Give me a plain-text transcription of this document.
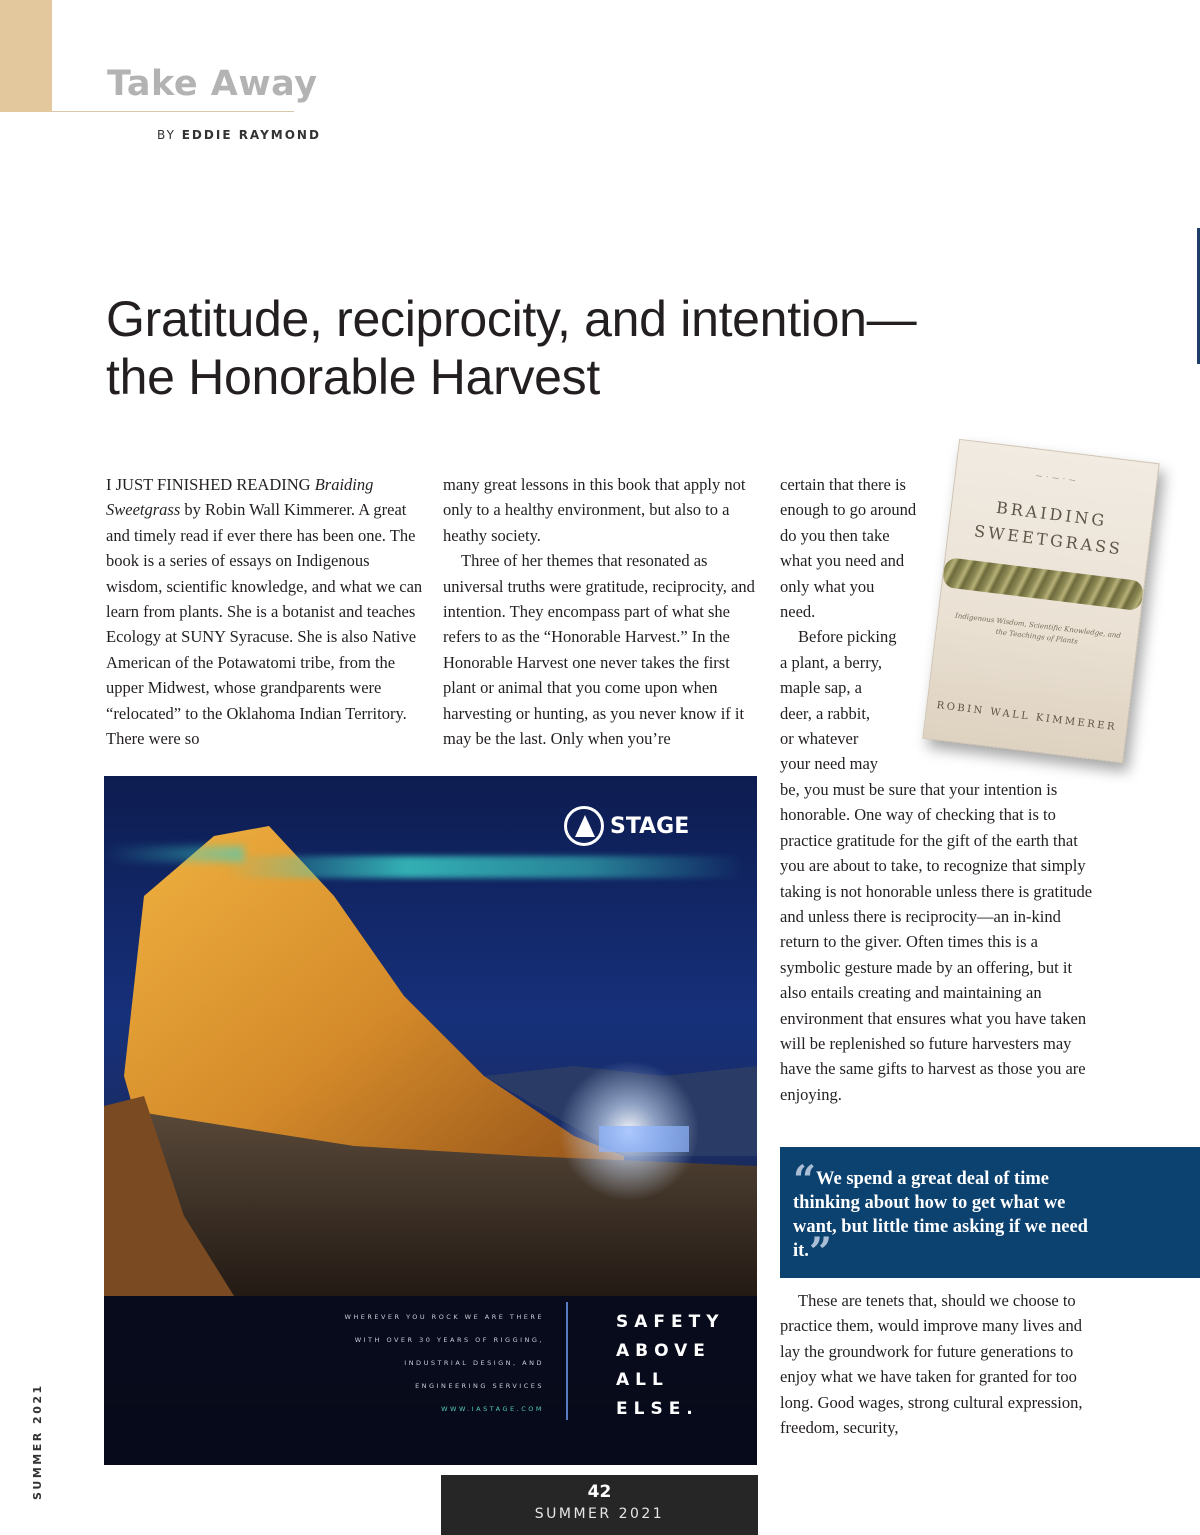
Take Away
BY EDDIE RAYMOND
Gratitude, reciprocity, and intention—
the Honorable Harvest

I JUST FINISHED READING Braiding Sweetgrass by Robin Wall Kimmerer. A great and timely read if ever there has been one. The book is a series of essays on Indigenous wisdom, scientific knowledge, and what we can learn from plants. She is a botanist and teaches Ecology at SUNY Syracuse. She is also Native American of the Potawatomi tribe, from the upper Midwest, whose grandparents were “relocated” to the Oklahoma Indian Territory. There were so

many great lessons in this book that apply not only to a healthy environment, but also to a heathy society.

Three of her themes that resonated as universal truths were gratitude, reciprocity, and intention. They encompass part of what she refers to as the “Honorable Harvest.” In the Honorable Harvest one never takes the first plant or animal that you come upon when harvesting or hunting, as you never know if it may be the last. Only when you’re

certain that there is
enough to go around
do you then take
what you need and
only what you
need.
Before picking
a plant, a berry,
maple sap, a
deer, a rabbit,
or whatever
your need may

be, you must be sure that your intention is honorable. One way of checking that is to practice gratitude for the gift of the earth that you are about to take, to recognize that simply taking is not honorable unless there is gratitude and unless there is reciprocity—an in-kind return to the giver. Often times this is a symbolic gesture made by an offering, but it also entails creating and maintaining an environment that ensures what you have taken will be replenished so future harvesters may have the same gifts to harvest as those you are enjoying.

— · — · —
BRAIDING
SWEETGRASS
Indigenous Wisdom, Scientific Knowledge, and the Teachings of Plants
ROBIN WALL KIMMERER
STAGE
WHEREVER YOU ROCK WE ARE THERE
WITH OVER 30 YEARS OF RIGGING,
INDUSTRIAL DESIGN, AND
ENGINEERING SERVICES
WWW.IASTAGE.COM
SAFETY
ABOVE
ALL
ELSE.

“We spend a great deal of time thinking about how to get what we want, but little time asking if we need it.”

These are tenets that, should we choose to practice them, would improve many lives and lay the groundwork for future generations to enjoy what we have taken for granted for too long. Good wages, strong cultural expression, freedom, security,

SUMMER 2021	42
SUMMER 2021
